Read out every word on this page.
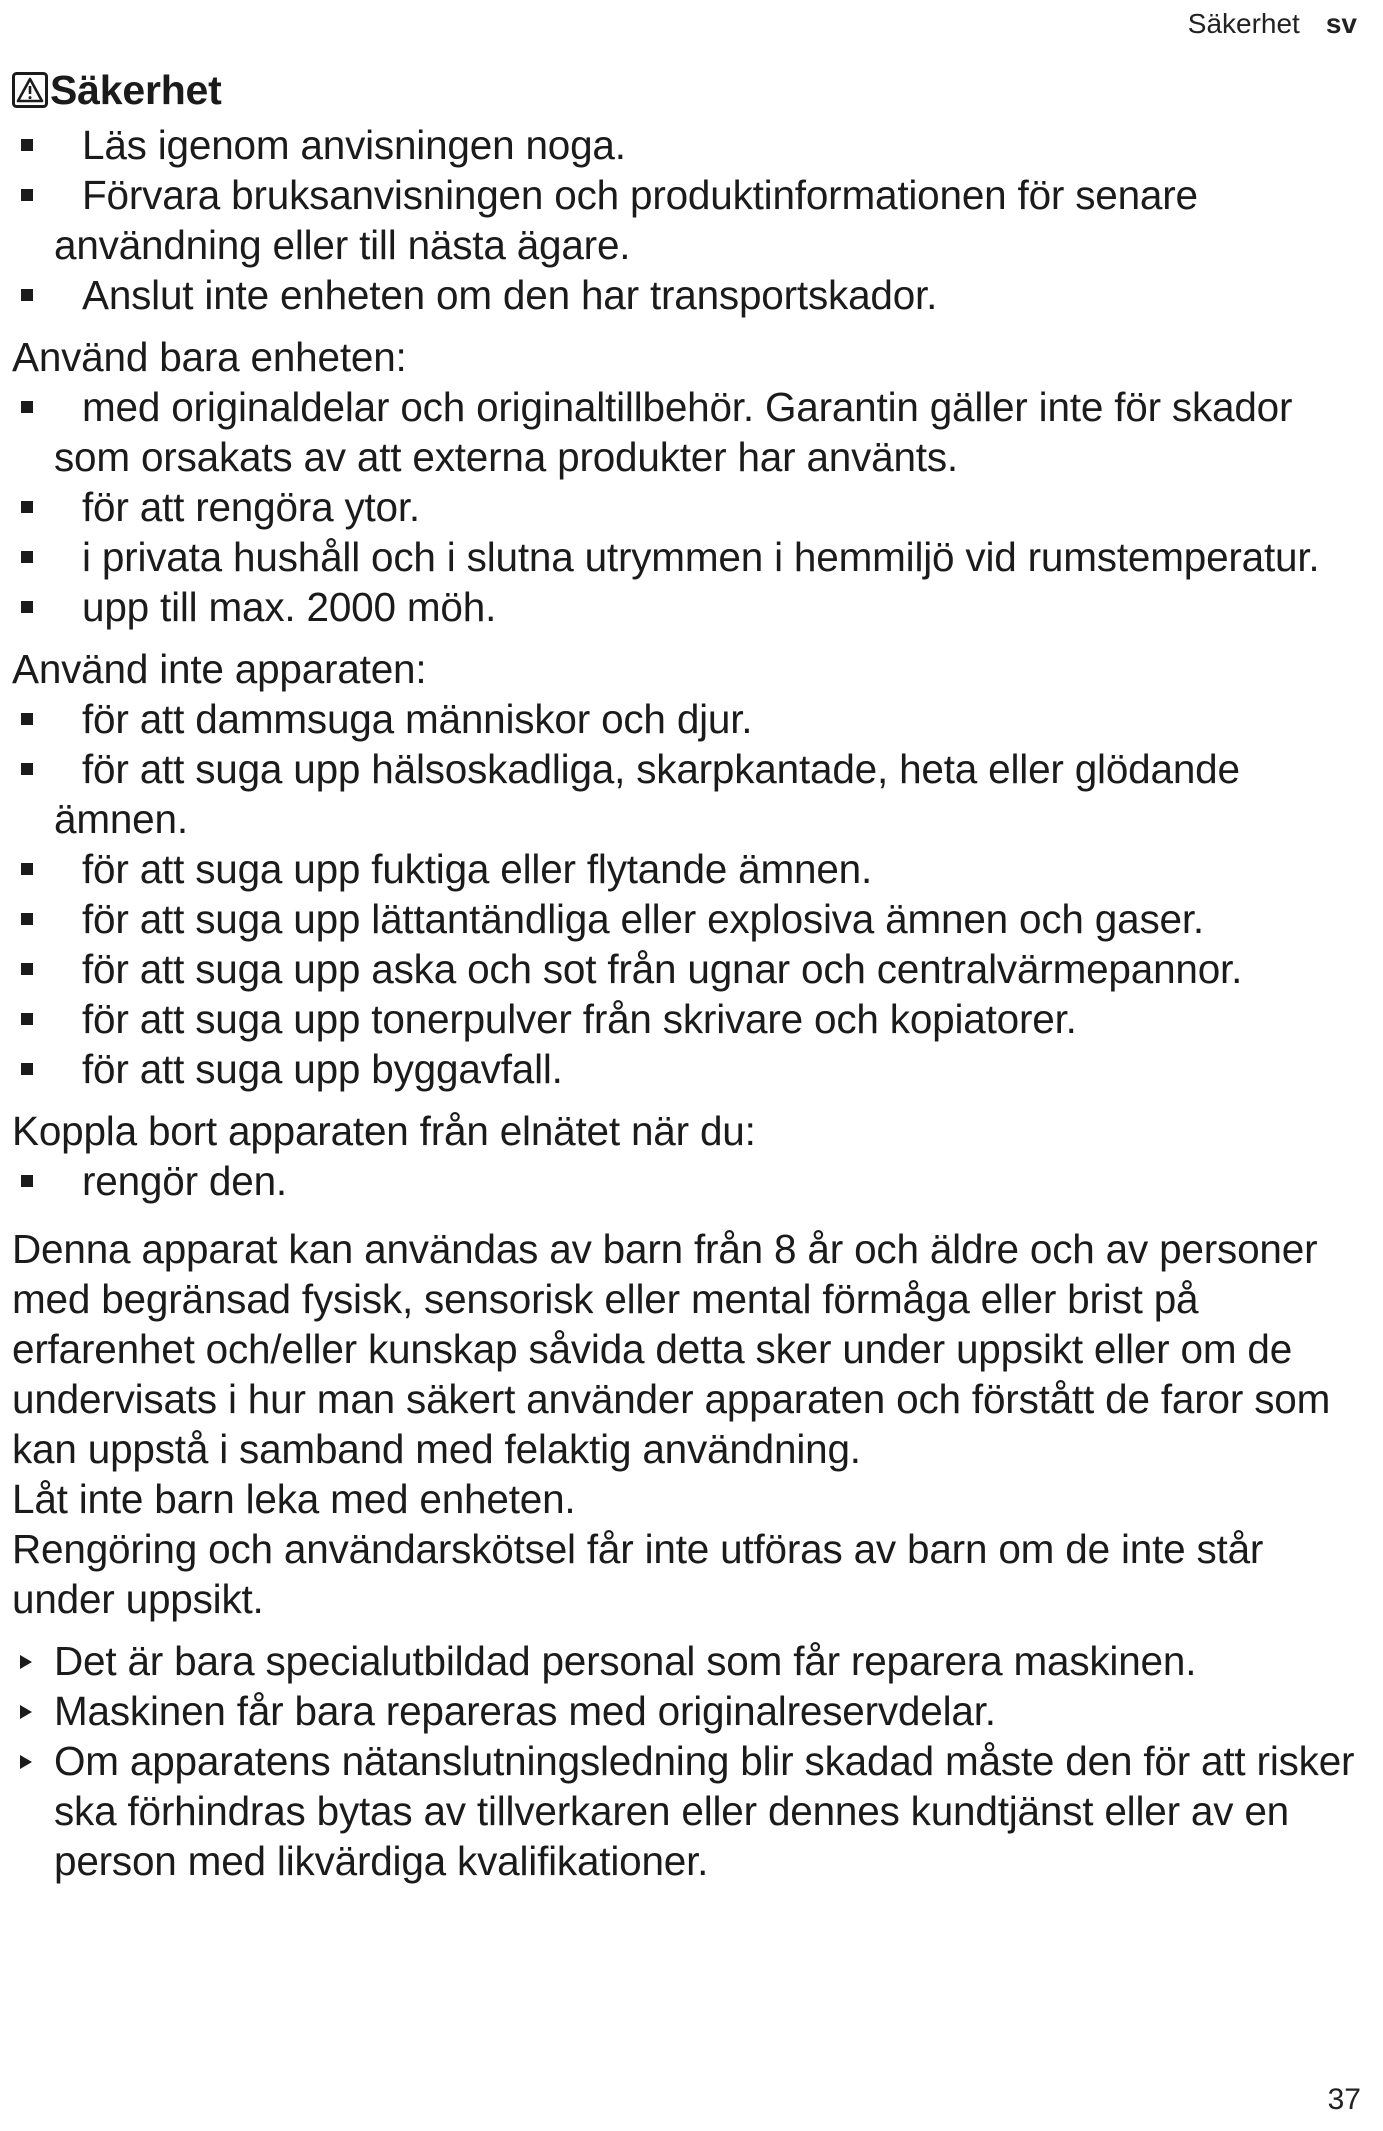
Säkerhet sv
Säkerhet
Läs igenom anvisningen noga.
Förvara bruksanvisningen och produktinformationen för senare användning eller till nästa ägare.
Anslut inte enheten om den har transportskador.

Använd bara enheten:

med originaldelar och originaltillbehör. Garantin gäller inte för skador som orsakats av att externa produkter har använts.
för att rengöra ytor.
i privata hushåll och i slutna utrymmen i hemmiljö vid rumstemperatur.
upp till max. 2000 möh.

Använd inte apparaten:

för att dammsuga människor och djur.
för att suga upp hälsoskadliga, skarpkantade, heta eller glödande ämnen.
för att suga upp fuktiga eller flytande ämnen.
för att suga upp lättantändliga eller explosiva ämnen och gaser.
för att suga upp aska och sot från ugnar och centralvärmepannor.
för att suga upp tonerpulver från skrivare och kopiatorer.
för att suga upp byggavfall.

Koppla bort apparaten från elnätet när du:

rengör den.

Denna apparat kan användas av barn från 8 år och äldre och av personer med begränsad fysisk, sensorisk eller mental förmåga eller brist på erfarenhet och/eller kunskap såvida detta sker under uppsikt eller om de undervisats i hur man säkert använder apparaten och förstått de faror som kan uppstå i samband med felaktig användning.

Låt inte barn leka med enheten.

Rengöring och användarskötsel får inte utföras av barn om de inte står under uppsikt.

Det är bara specialutbildad personal som får reparera maskinen.
Maskinen får bara repareras med originalreservdelar.
Om apparatens nätanslutningsledning blir skadad måste den för att risker ska förhindras bytas av tillverkaren eller dennes kundtjänst eller av en person med likvärdiga kvalifikationer.
37
